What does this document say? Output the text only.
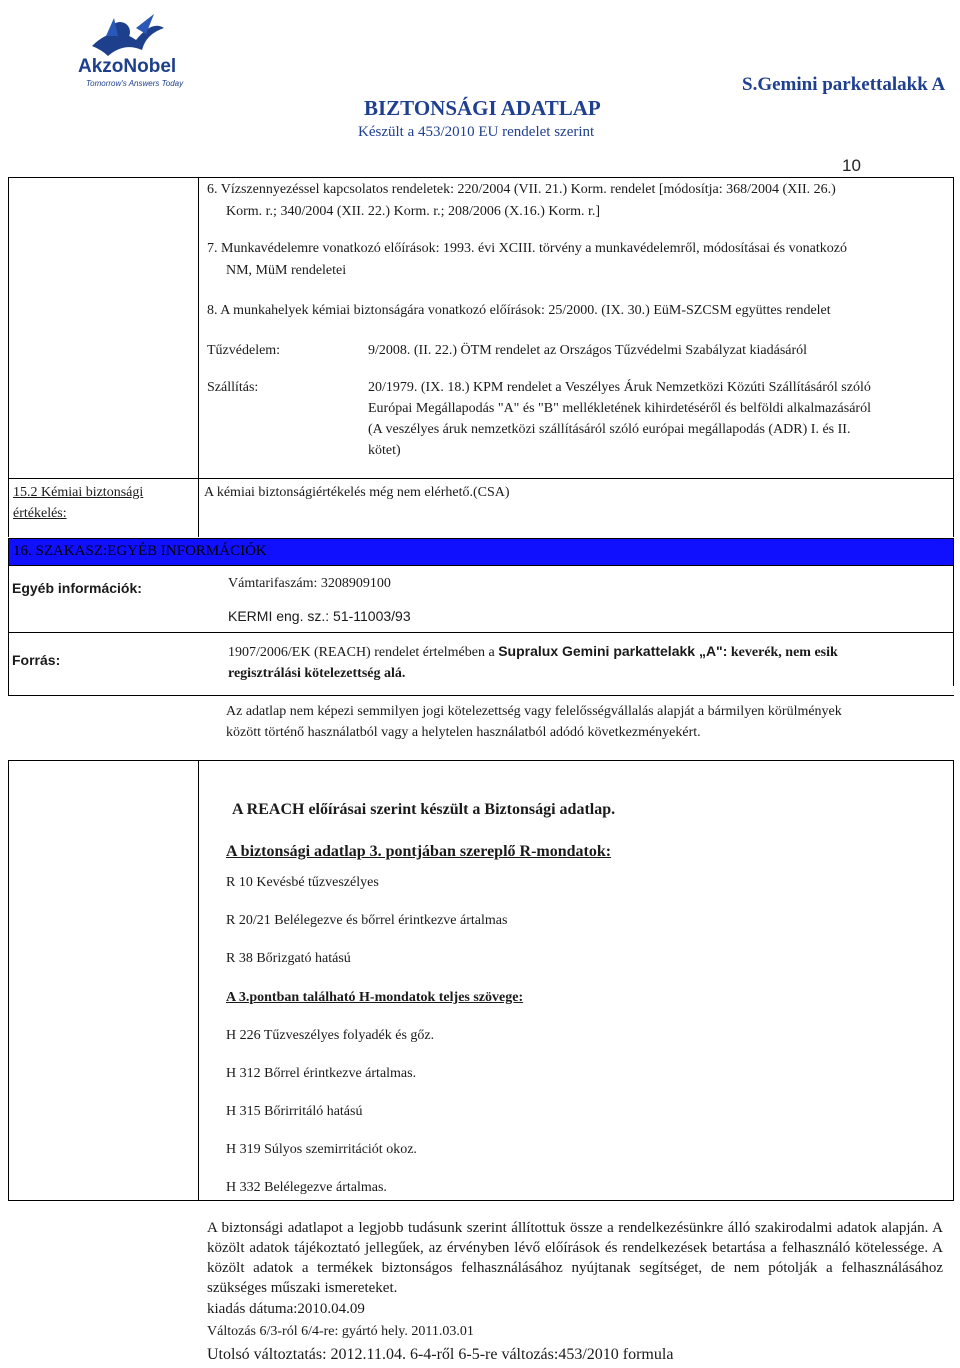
AkzoNobel
Tomorrow's Answers Today
BIZTONSÁGI ADATLAP
Készült a 453/2010 EU rendelet szerint
S.Gemini parkettalakk A
10
6. Vízszennyezéssel kapcsolatos rendeletek: 220/2004 (VII. 21.) Korm. rendelet [módosítja: 368/2004 (XII. 26.)
Korm. r.; 340/2004 (XII. 22.) Korm. r.; 208/2006 (X.16.) Korm. r.]
7. Munkavédelemre vonatkozó előírások: 1993. évi XCIII. törvény a munkavédelemről, módosításai és vonatkozó
NM, MüM rendeletei
8. A munkahelyek kémiai biztonságára vonatkozó előírások: 25/2000. (IX. 30.) EüM-SZCSM együttes rendelet
Tűzvédelem:	9/2008. (II. 22.) ÖTM rendelet az Országos Tűzvédelmi Szabályzat kiadásáról
Szállítás:	20/1979. (IX. 18.) KPM rendelet a Veszélyes Áruk Nemzetközi Közúti Szállításáról szóló
Európai Megállapodás "A" és "B" mellékletének kihirdetéséről és belföldi alkalmazásáról
(A veszélyes áruk nemzetközi szállításáról szóló európai megállapodás (ADR) I. és II.
kötet)
15.2 Kémiai biztonsági
értékelés:
A kémiai biztonságiértékelés még nem elérhető.(CSA)
16. SZAKASZ:EGYÉB INFORMÁCIÓK
Egyéb információk:	Vámtarifaszám: 3208909100
KERMI eng. sz.: 51-11003/93
Forrás:	1907/2006/EK (REACH) rendelet értelmében a Supralux Gemini parkattelakk „A": keverék, nem esik
regisztrálási kötelezettség alá.
Az adatlap nem képezi semmilyen jogi kötelezettség vagy felelősségvállalás alapját a bármilyen körülmények
között történő használatból vagy a helytelen használatból adódó következményekért.
A REACH előírásai szerint készült a Biztonsági adatlap.
A biztonsági adatlap 3. pontjában szereplő R-mondatok:
R 10 Kevésbé tűzveszélyes
R 20/21 Belélegezve és bőrrel érintkezve ártalmas
R 38 Bőrizgató hatású
A 3.pontban található H-mondatok teljes szövege:
H 226 Tűzveszélyes folyadék és gőz.
H 312 Bőrrel érintkezve ártalmas.
H 315 Bőrirritáló hatású
H 319 Súlyos szemirritációt okoz.
H 332 Belélegezve ártalmas.
A biztonsági adatlapot a legjobb tudásunk szerint állítottuk össze a rendelkezésünkre álló szakirodalmi adatok alapján. A közölt adatok tájékoztató jellegűek, az érvényben lévő előírások és rendelkezések betartása a felhasználó kötelessége. A közölt adatok a termékek biztonságos felhasználásához nyújtanak segítséget, de nem pótolják a felhasználásához szükséges műszaki ismereteket.
kiadás dátuma:2010.04.09
Változás 6/3-ról 6/4-re: gyártó hely. 2011.03.01
Utolsó változtatás: 2012.11.04. 6-4-ről 6-5-re változás:453/2010 formula
